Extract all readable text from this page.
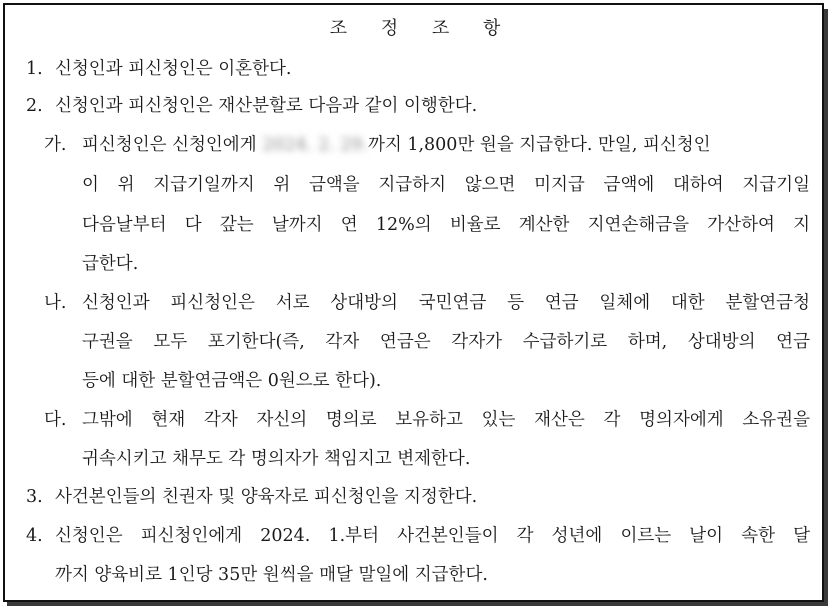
조 정 조 항
1. 신청인과 피신청인은 이혼한다.
2. 신청인과 피신청인은 재산분할로 다음과 같이 이행한다.
가. 피신청인은 신청인에게 2024. 2. 29.까지 1,800만 원을 지급한다. 만일, 피신청인
이 위 지급기일까지 위 금액을 지급하지 않으면 미지급 금액에 대하여 지급기일
다음날부터 다 갚는 날까지 연 12%의 비율로 계산한 지연손해금을 가산하여 지
급한다.
나. 신청인과 피신청인은 서로 상대방의 국민연금 등 연금 일체에 대한 분할연금청
구권을 모두 포기한다(즉, 각자 연금은 각자가 수급하기로 하며, 상대방의 연금
등에 대한 분할연금액은 0원으로 한다).
다. 그밖에 현재 각자 자신의 명의로 보유하고 있는 재산은 각 명의자에게 소유권을
귀속시키고 채무도 각 명의자가 책임지고 변제한다.
3. 사건본인들의 친권자 및 양육자로 피신청인을 지정한다.
4. 신청인은 피신청인에게 2024. 1.부터 사건본인들이 각 성년에 이르는 날이 속한 달
까지 양육비로 1인당 35만 원씩을 매달 말일에 지급한다.
